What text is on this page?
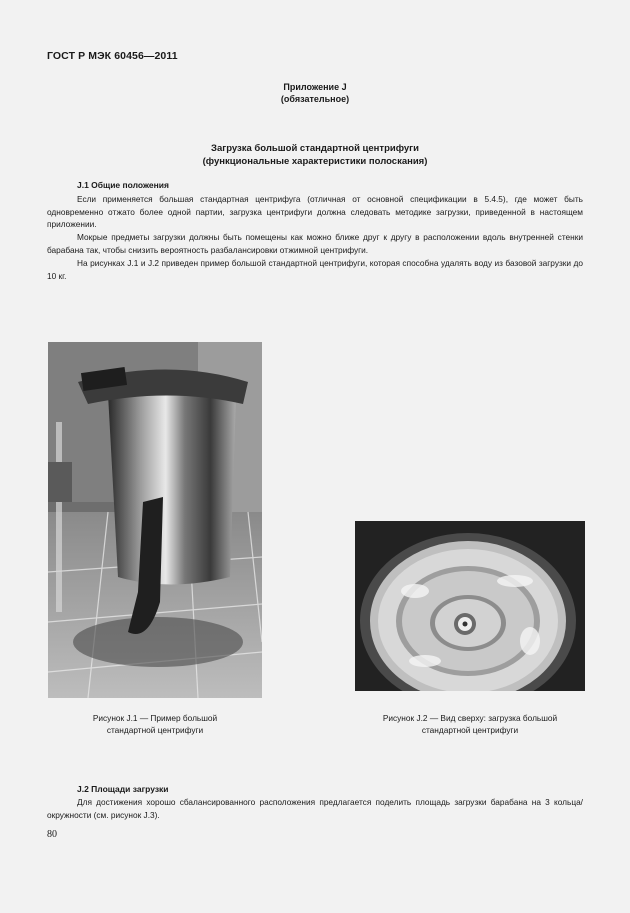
ГОСТ Р МЭК 60456—2011
Приложение J
(обязательное)
Загрузка большой стандартной центрифуги
(функциональные характеристики полоскания)
J.1 Общие положения

Если применяется большая стандартная центрифуга (отличная от основной спецификации в 5.4.5), где может быть одновременно отжато более одной партии, загрузка центрифуги должна следовать методике загрузки, приведенной в настоящем приложении.

Мокрые предметы загрузки должны быть помещены как можно ближе друг к другу в расположении вдоль внутренней стенки барабана так, чтобы снизить вероятность разбалансировки отжимной центрифуги.

На рисунках J.1 и J.2 приведен пример большой стандартной центрифуги, которая способна удалять воду из базовой загрузки до 10 кг.

Рисунок J.1 — Пример большой
стандартной центрифуги
Рисунок J.2 — Вид сверху: загрузка большой
стандартной центрифуги
J.2 Площади загрузки

Для достижения хорошо сбалансированного расположения предлагается поделить площадь загрузки барабана на 3 кольца/окружности (см. рисунок J.3).

80
